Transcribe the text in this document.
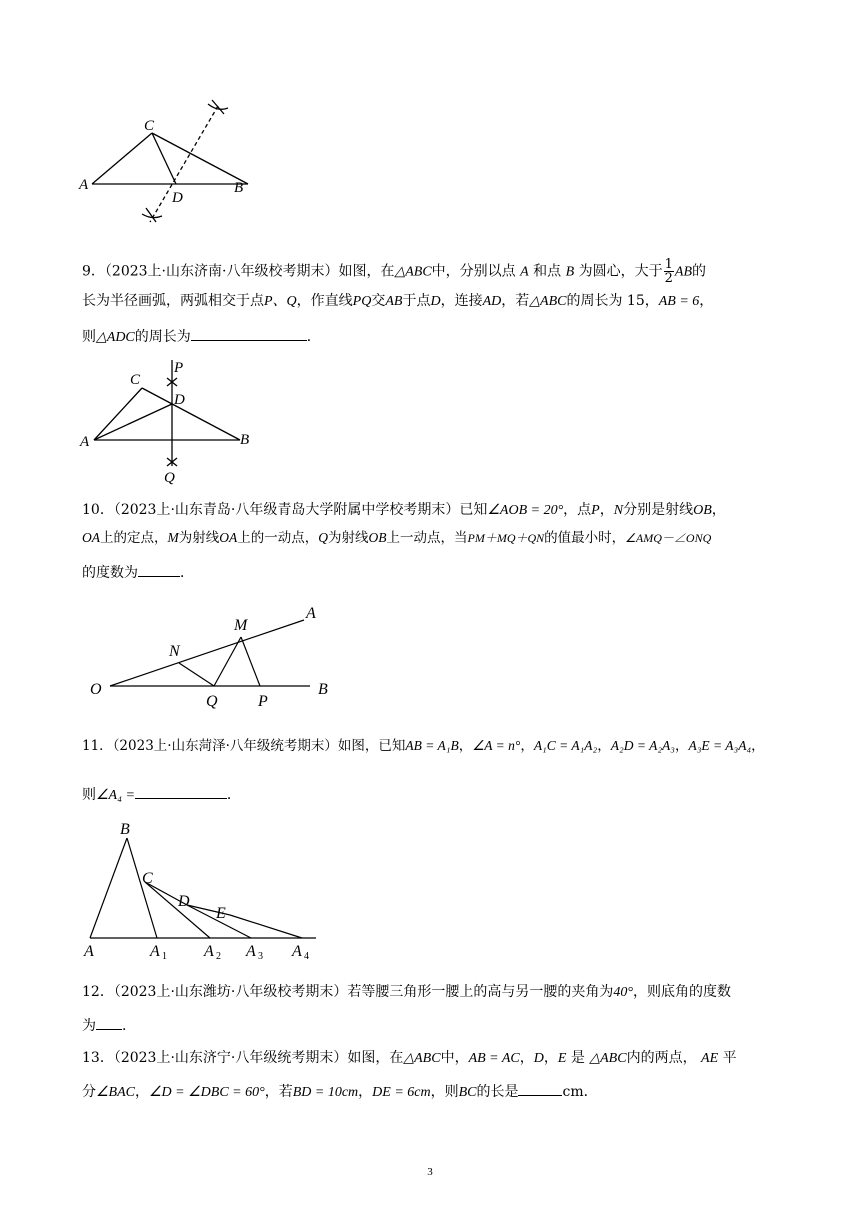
A
C
D
B
9．（2023上·山东济南·八年级校考期末）如图，在△ABC中，分别以点 A 和点 B 为圆心，大于 $\frac{1}{2}$ AB的
长为半径画弧，两弧相交于点P、Q，作直线PQ交AB于点D，连接AD，若△ABC的周长为 15，AB = 6，
则△ADC的周长为	．
A
C
D
P
B
Q
10．（2023上·山东青岛·八年级青岛大学附属中学校考期末）已知∠AOB = 20°，点P，N分别是射线OB，
OA上的定点，M为射线OA上的一动点，Q为射线OB上一动点，当PM＋MQ＋QN的值最小时，∠AMQ－∠ONQ
的度数为	．
O
A
B
M
N
Q	P
11．（2023上·山东菏泽·八年级统考期末）如图，已知AB = A₁B，∠A = n°，A₁C = A₁A₂，A₂D = A₂A₃，A₃E = A₃A₄，
则∠A₄ =	．
B
C
D
E
A	A 1 A 2 A 3 A 4
12．（2023上·山东潍坊·八年级校考期末）若等腰三角形一腰上的高与另一腰的夹角为40°，则底角的度数
为 ．
13．（2023上·山东济宁·八年级统考期末）如图，在△ABC中，AB = AC，D，E 是 △ABC内的两点， AE 平
分∠BAC，∠D = ∠DBC = 60°，若BD = 10cm，DE = 6cm，则BC的长是	cm．
3
